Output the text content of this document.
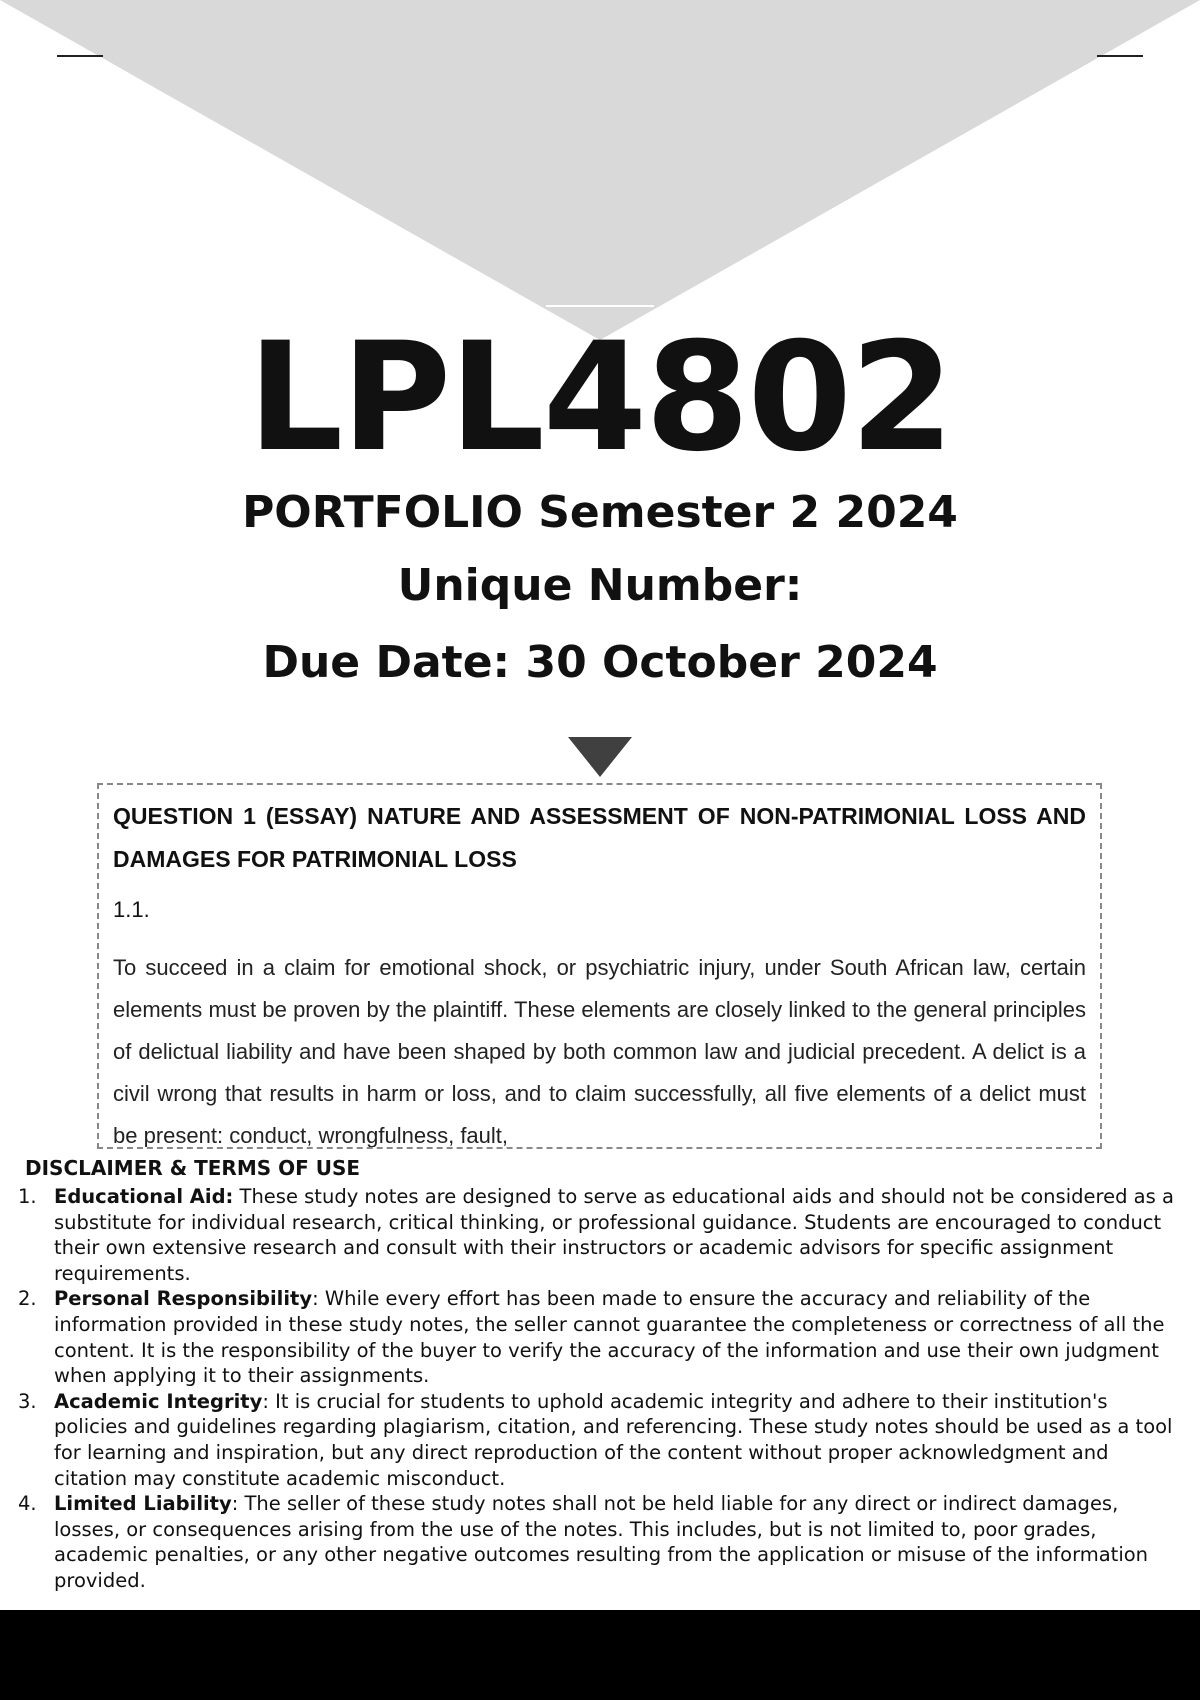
LPL4802
PORTFOLIO Semester 2 2024
Unique Number:
Due Date: 30 October 2024

QUESTION 1 (ESSAY) NATURE AND ASSESSMENT OF NON-PATRIMONIAL LOSS AND DAMAGES FOR PATRIMONIAL LOSS

1.1.

To succeed in a claim for emotional shock, or psychiatric injury, under South African law, certain elements must be proven by the plaintiff. These elements are closely linked to the general principles of delictual liability and have been shaped by both common law and judicial precedent. A delict is a civil wrong that results in harm or loss, and to claim successfully, all five elements of a delict must be present: conduct, wrongfulness, fault,

DISCLAIMER & TERMS OF USE
1. Educational Aid: These study notes are designed to serve as educational aids and should not be considered as a substitute for individual research, critical thinking, or professional guidance. Students are encouraged to conduct their own extensive research and consult with their instructors or academic advisors for specific assignment requirements.
2. Personal Responsibility: While every effort has been made to ensure the accuracy and reliability of the information provided in these study notes, the seller cannot guarantee the completeness or correctness of all the content. It is the responsibility of the buyer to verify the accuracy of the information and use their own judgment when applying it to their assignments.
3. Academic Integrity: It is crucial for students to uphold academic integrity and adhere to their institution's policies and guidelines regarding plagiarism, citation, and referencing. These study notes should be used as a tool for learning and inspiration, but any direct reproduction of the content without proper acknowledgment and citation may constitute academic misconduct.
4. Limited Liability: The seller of these study notes shall not be held liable for any direct or indirect damages, losses, or consequences arising from the use of the notes. This includes, but is not limited to, poor grades, academic penalties, or any other negative outcomes resulting from the application or misuse of the information provided.
